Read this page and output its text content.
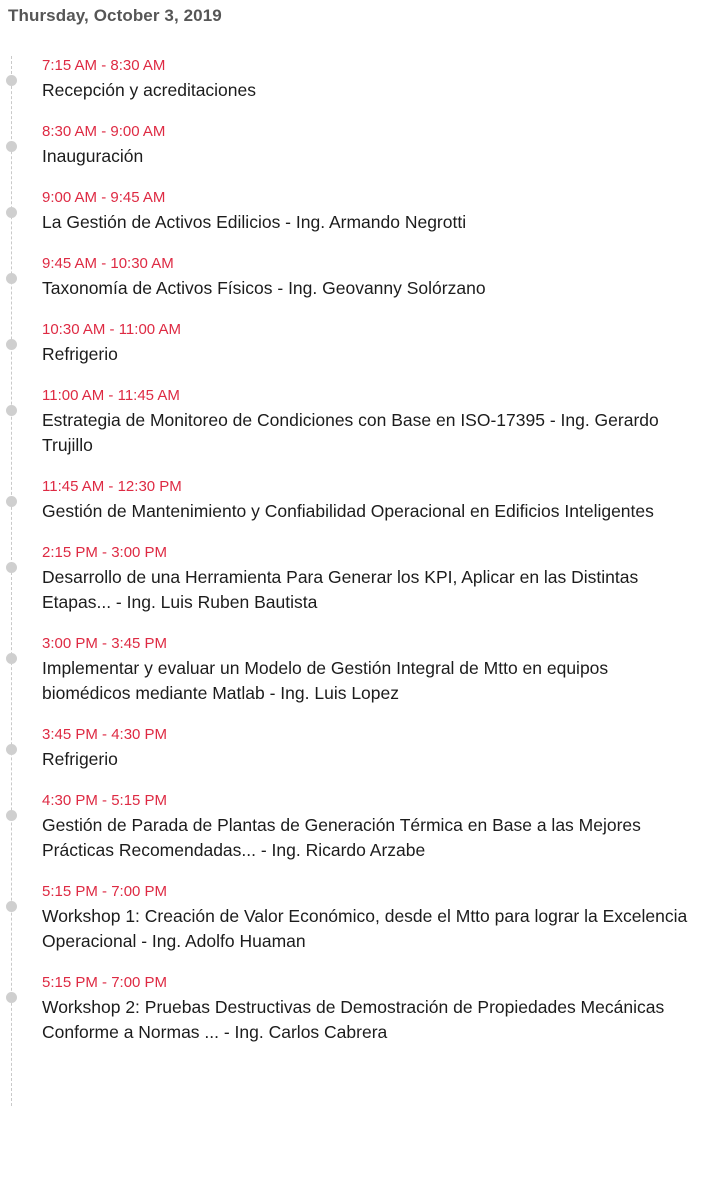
Thursday, October 3, 2019
7:15 AM - 8:30 AM
Recepción y acreditaciones
8:30 AM - 9:00 AM
Inauguración
9:00 AM - 9:45 AM
La Gestión de Activos Edilicios - Ing. Armando Negrotti
9:45 AM - 10:30 AM
Taxonomía de Activos Físicos - Ing. Geovanny Solórzano
10:30 AM - 11:00 AM
Refrigerio
11:00 AM - 11:45 AM
Estrategia de Monitoreo de Condiciones con Base en ISO-17395 - Ing. Gerardo Trujillo
11:45 AM - 12:30 PM
Gestión de Mantenimiento y Confiabilidad Operacional en Edificios Inteligentes
2:15 PM - 3:00 PM
Desarrollo de una Herramienta Para Generar los KPI, Aplicar en las Distintas Etapas... - Ing. Luis Ruben Bautista
3:00 PM - 3:45 PM
Implementar y evaluar un Modelo de Gestión Integral de Mtto en equipos biomédicos mediante Matlab - Ing. Luis Lopez
3:45 PM - 4:30 PM
Refrigerio
4:30 PM - 5:15 PM
Gestión de Parada de Plantas de Generación Térmica en Base a las Mejores Prácticas Recomendadas... - Ing. Ricardo Arzabe
5:15 PM - 7:00 PM
Workshop 1: Creación de Valor Económico, desde el Mtto para lograr la Excelencia Operacional - Ing. Adolfo Huaman
5:15 PM - 7:00 PM
Workshop 2: Pruebas Destructivas de Demostración de Propiedades Mecánicas Conforme a Normas ... - Ing. Carlos Cabrera
